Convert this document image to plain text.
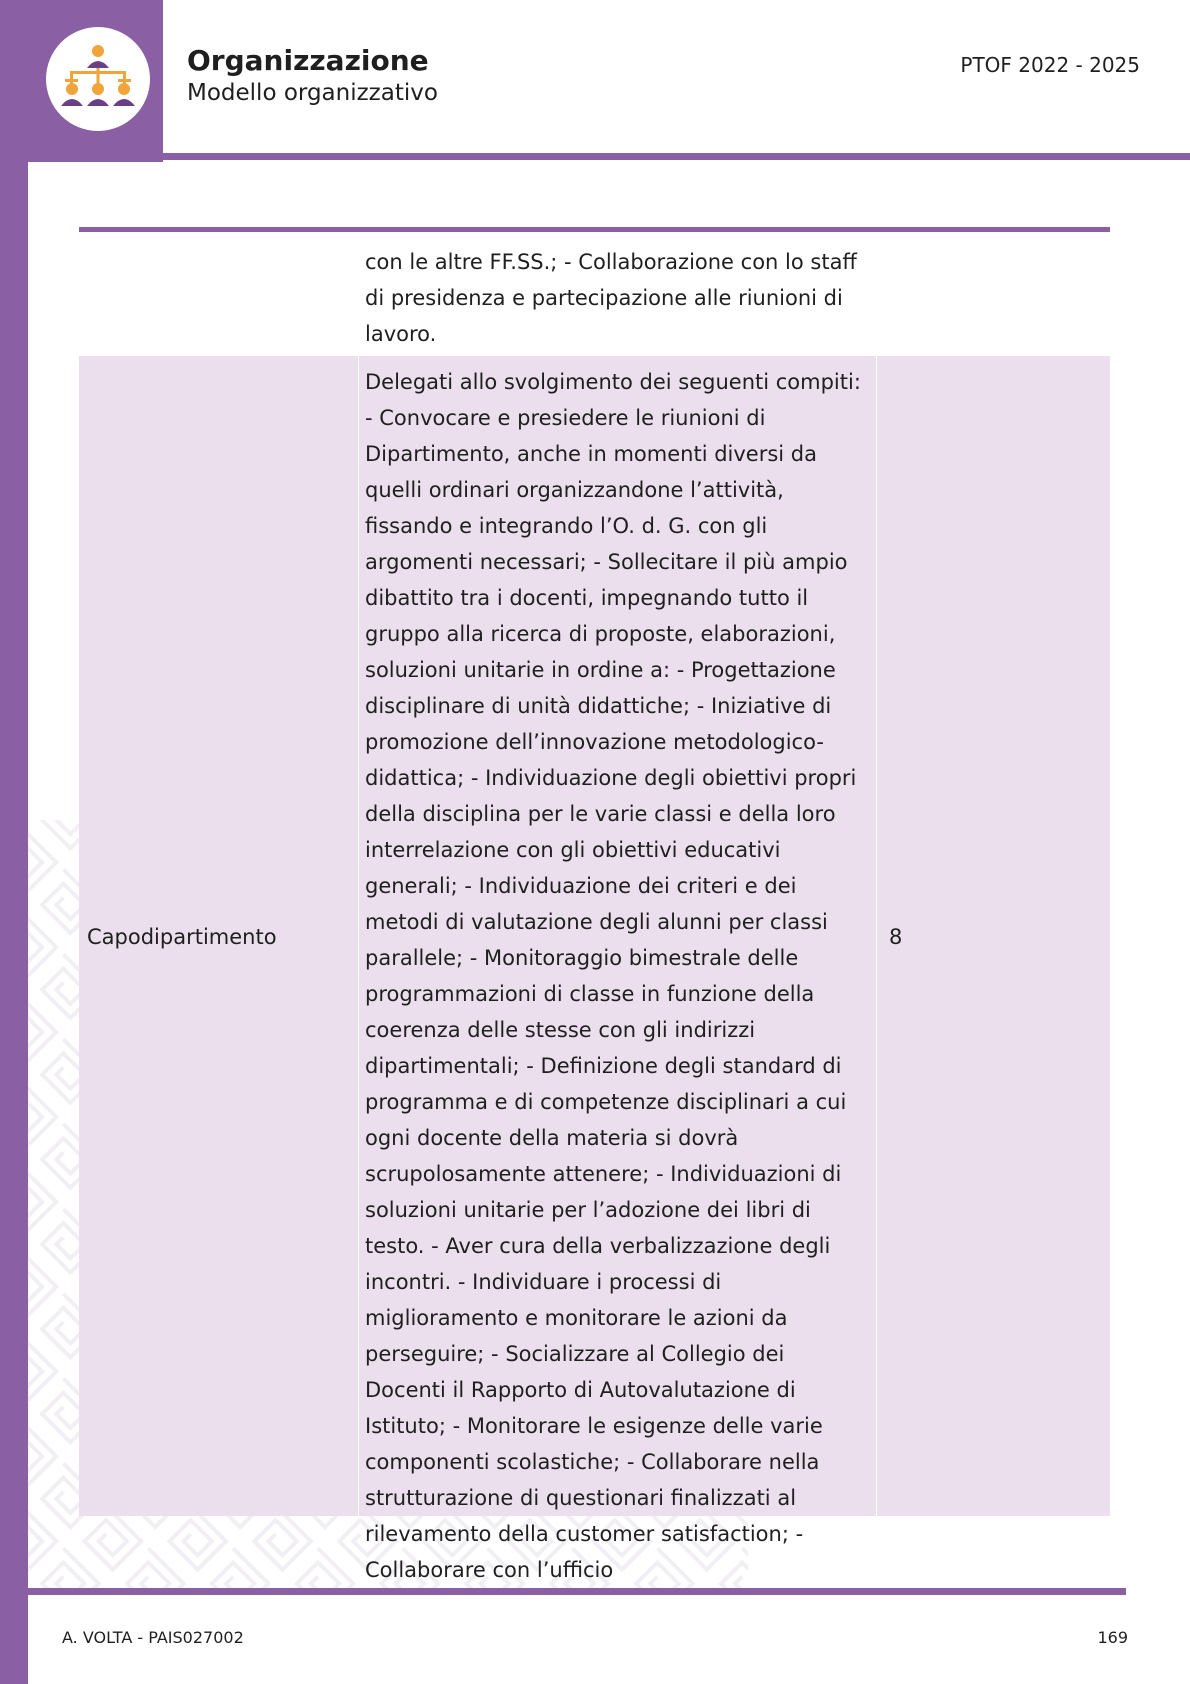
Organizzazione
Modello organizzativo
PTOF 2022 - 2025
con le altre FF.SS.; - Collaborazione con lo staff di presidenza e partecipazione alle riunioni di lavoro.
Capodipartimento
Delegati allo svolgimento dei seguenti compiti: - Convocare e presiedere le riunioni di Dipartimento, anche in momenti diversi da quelli ordinari organizzandone l’attività, fissando e integrando l’O. d. G. con gli argomenti necessari; - Sollecitare il più ampio dibattito tra i docenti, impegnando tutto il gruppo alla ricerca di proposte, elaborazioni, soluzioni unitarie in ordine a: - Progettazione disciplinare di unità didattiche; - Iniziative di promozione dell’innovazione metodologico-didattica; - Individuazione degli obiettivi propri della disciplina per le varie classi e della loro interrelazione con gli obiettivi educativi generali; - Individuazione dei criteri e dei metodi di valutazione degli alunni per classi parallele; - Monitoraggio bimestrale delle programmazioni di classe in funzione della coerenza delle stesse con gli indirizzi dipartimentali; - Definizione degli standard di programma e di competenze disciplinari a cui ogni docente della materia si dovrà scrupolosamente attenere; - Individuazioni di soluzioni unitarie per l’adozione dei libri di testo. - Aver cura della verbalizzazione degli incontri. - Individuare i processi di miglioramento e monitorare le azioni da perseguire; - Socializzare al Collegio dei Docenti il Rapporto di Autovalutazione di Istituto; - Monitorare le esigenze delle varie componenti scolastiche; - Collaborare nella strutturazione di questionari finalizzati al rilevamento della customer satisfaction; - Collaborare con l’ufficio
8
A. VOLTA - PAIS027002	169
